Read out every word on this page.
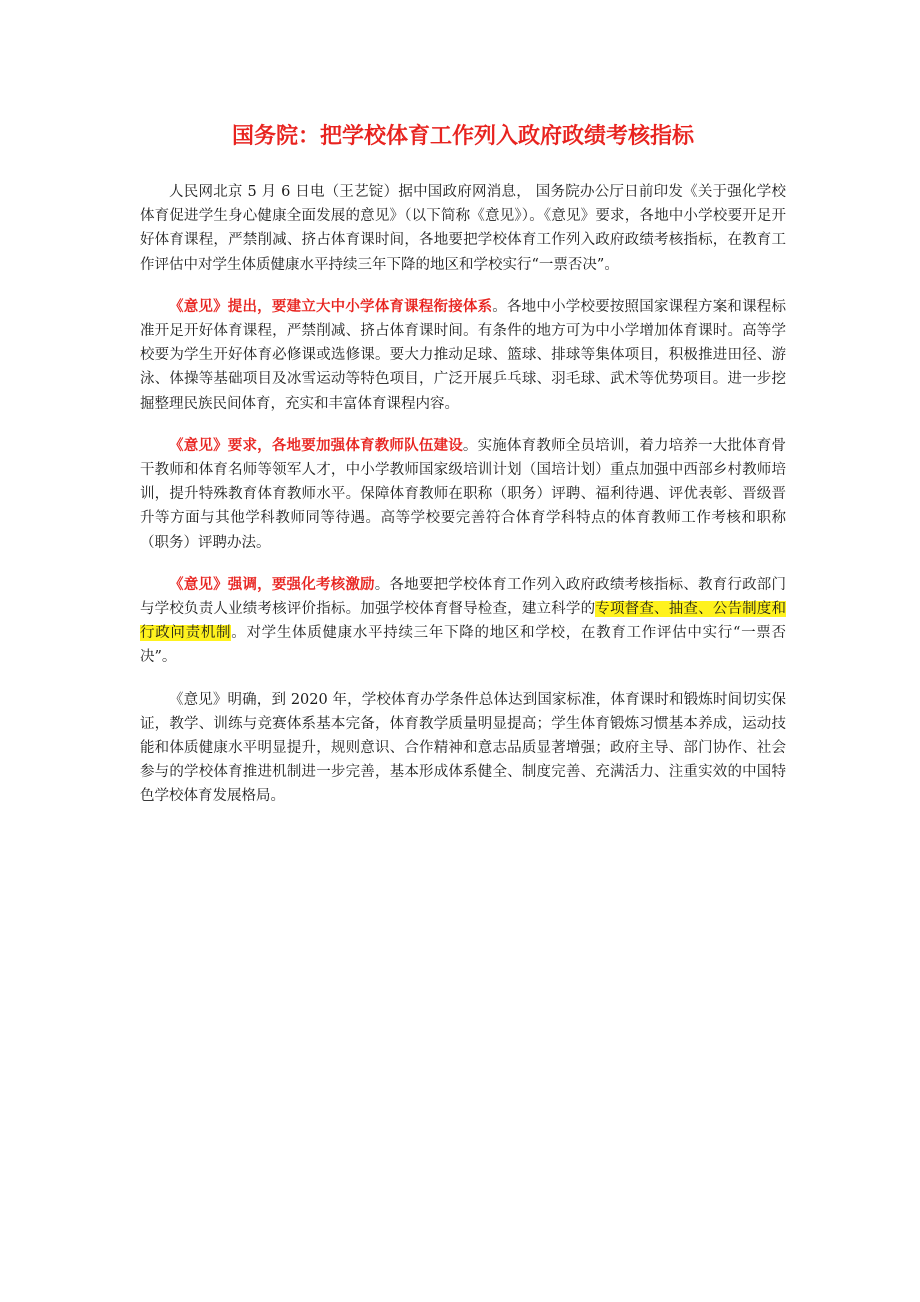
国务院：把学校体育工作列入政府政绩考核指标

人民网北京 5 月 6 日电（王艺锭）据中国政府网消息， 国务院办公厅日前印发《关于强化学校体育促进学生身心健康全面发展的意见》（以下简称《意见》）。《意见》要求，各地中小学校要开足开好体育课程，严禁削减、挤占体育课时间，各地要把学校体育工作列入政府政绩考核指标，在教育工作评估中对学生体质健康水平持续三年下降的地区和学校实行“一票否决”。

《意见》提出，要建立大中小学体育课程衔接体系。各地中小学校要按照国家课程方案和课程标准开足开好体育课程，严禁削减、挤占体育课时间。有条件的地方可为中小学增加体育课时。高等学校要为学生开好体育必修课或选修课。要大力推动足球、篮球、排球等集体项目，积极推进田径、游泳、体操等基础项目及冰雪运动等特色项目，广泛开展乒乓球、羽毛球、武术等优势项目。进一步挖掘整理民族民间体育，充实和丰富体育课程内容。

《意见》要求，各地要加强体育教师队伍建设。实施体育教师全员培训，着力培养一大批体育骨干教师和体育名师等领军人才，中小学教师国家级培训计划（国培计划）重点加强中西部乡村教师培训，提升特殊教育体育教师水平。保障体育教师在职称（职务）评聘、福利待遇、评优表彰、晋级晋升等方面与其他学科教师同等待遇。高等学校要完善符合体育学科特点的体育教师工作考核和职称（职务）评聘办法。

《意见》强调，要强化考核激励。各地要把学校体育工作列入政府政绩考核指标、教育行政部门与学校负责人业绩考核评价指标。加强学校体育督导检查，建立科学的专项督查、抽查、公告制度和行政问责机制。对学生体质健康水平持续三年下降的地区和学校，在教育工作评估中实行“一票否决”。

《意见》明确，到 2020 年，学校体育办学条件总体达到国家标准，体育课时和锻炼时间切实保证，教学、训练与竞赛体系基本完备，体育教学质量明显提高；学生体育锻炼习惯基本养成，运动技能和体质健康水平明显提升，规则意识、合作精神和意志品质显著增强；政府主导、部门协作、社会参与的学校体育推进机制进一步完善，基本形成体系健全、制度完善、充满活力、注重实效的中国特色学校体育发展格局。
